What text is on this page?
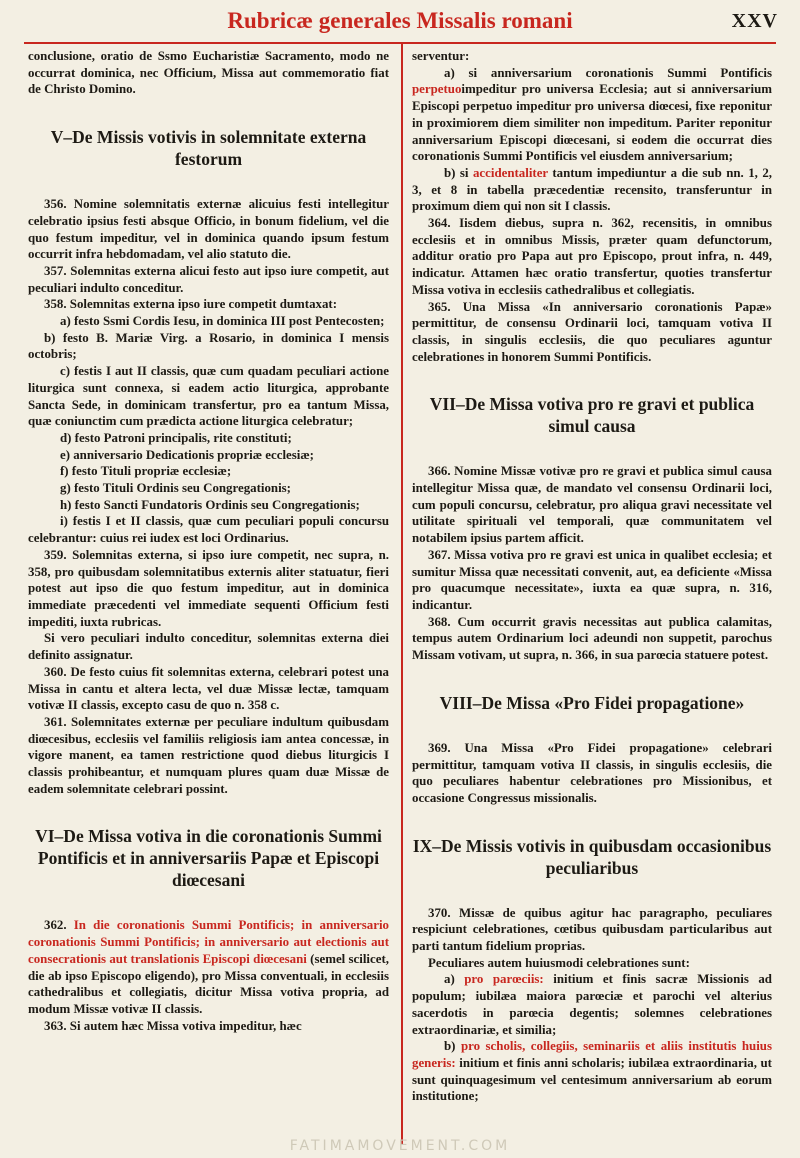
Rubricæ generales Missalis romani	XXV

conclusione, oratio de Ssmo Eucharistiæ Sacramento, modo ne occurrat dominica, nec Officium, Missa aut commemoratio fiat de Christo Domino.

V–De Missis votivis in solemnitate externa festorum

356. Nomine solemnitatis externæ alicuius festi intellegitur celebratio ipsius festi absque Officio, in bonum fidelium, vel die quo festum impeditur, vel in dominica quando ipsum festum occurrit infra hebdomadam, vel alio statuto die.

357. Solemnitas externa alicui festo aut ipso iure competit, aut peculiari indulto conceditur.

358. Solemnitas externa ipso iure competit dumtaxat:

a) festo Ssmi Cordis Iesu, in dominica III post Pentecosten;

b) festo B. Mariæ Virg. a Rosario, in dominica I mensis octobris;

c) festis I aut II classis, quæ cum quadam peculiari actione liturgica sunt connexa, si eadem actio liturgica, approbante Sancta Sede, in dominicam transfertur, pro ea tantum Missa, quæ coniunctim cum prædicta actione liturgica celebratur;

d) festo Patroni principalis, rite constituti;

e) anniversario Dedicationis propriæ ecclesiæ;

f) festo Tituli propriæ ecclesiæ;

g) festo Tituli Ordinis seu Congregationis;

h) festo Sancti Fundatoris Ordinis seu Congregationis;

i) festis I et II classis, quæ cum peculiari populi concursu celebrantur: cuius rei iudex est loci Ordinarius.

359. Solemnitas externa, si ipso iure competit, nec supra, n. 358, pro quibusdam solemnitatibus externis aliter statuatur, fieri potest aut ipso die quo festum impeditur, aut in dominica immediate præcedenti vel immediate sequenti Officium festi impediti, iuxta rubricas.

Si vero peculiari indulto conceditur, solemnitas externa diei definito assignatur.

360. De festo cuius fit solemnitas externa, celebrari potest una Missa in cantu et altera lecta, vel duæ Missæ lectæ, tamquam votivæ II classis, excepto casu de quo n. 358 c.

361. Solemnitates externæ per peculiare indultum quibusdam diœcesibus, ecclesiis vel familiis religiosis iam antea concessæ, in vigore manent, ea tamen restrictione quod diebus liturgicis I classis prohibeantur, et numquam plures quam duæ Missæ de eadem solemnitate celebrari possint.

VI–De Missa votiva in die coronationis Summi Pontificis et in anniversariis Papæ et Episcopi diœcesani

362. In die coronationis Summi Pontificis; in anniversario coronationis Summi Pontificis; in anniversario aut electionis aut consecrationis aut translationis Episcopi diœcesani (semel scilicet, die ab ipso Episcopo eligendo), pro Missa conventuali, in ecclesiis cathedralibus et collegiatis, dicitur Missa votiva propria, ad modum Missæ votivæ II classis.

363. Si autem hæc Missa votiva impeditur, hæc

serventur:

a) si anniversarium coronationis Summi Pontificis perpetuoimpeditur pro universa Ecclesia; aut si anniversarium Episcopi perpetuo impeditur pro universa diœcesi, fixe reponitur in proximiorem diem similiter non impeditum. Pariter reponitur anniversarium Episcopi diœcesani, si eodem die occurrat dies coronationis Summi Pontificis vel eiusdem anniversarium;

b) si accidentaliter tantum impediuntur a die sub nn. 1, 2, 3, et 8 in tabella præcedentiæ recensito, transferuntur in proximum diem qui non sit I classis.

364. Iisdem diebus, supra n. 362, recensitis, in omnibus ecclesiis et in omnibus Missis, præter quam defunctorum, additur oratio pro Papa aut pro Episcopo, prout infra, n. 449, indicatur. Attamen hæc oratio transfertur, quoties transfertur Missa votiva in ecclesiis cathedralibus et collegiatis.

365. Una Missa «In anniversario coronationis Papæ» permittitur, de consensu Ordinarii loci, tamquam votiva II classis, in singulis ecclesiis, die quo peculiares aguntur celebrationes in honorem Summi Pontificis.

VII–De Missa votiva pro re gravi et publica simul causa

366. Nomine Missæ votivæ pro re gravi et publica simul causa intellegitur Missa quæ, de mandato vel consensu Ordinarii loci, cum populi concursu, celebratur, pro aliqua gravi necessitate vel utilitate spirituali vel temporali, quæ communitatem vel notabilem ipsius partem afficit.

367. Missa votiva pro re gravi est unica in qualibet ecclesia; et sumitur Missa quæ necessitati convenit, aut, ea deficiente «Missa pro quacumque necessitate», iuxta ea quæ supra, n. 316, indicantur.

368. Cum occurrit gravis necessitas aut publica calamitas, tempus autem Ordinarium loci adeundi non suppetit, parochus Missam votivam, ut supra, n. 366, in sua parœcia statuere potest.

VIII–De Missa «Pro Fidei propagatione»

369. Una Missa «Pro Fidei propagatione» celebrari permittitur, tamquam votiva II classis, in singulis ecclesiis, die quo peculiares habentur celebrationes pro Missionibus, et occasione Congressus missionalis.

IX–De Missis votivis in quibusdam occasionibus peculiaribus

370. Missæ de quibus agitur hac paragrapho, peculiares respiciunt celebrationes, cœtibus quibusdam particularibus aut parti tantum fidelium proprias.

Peculiares autem huiusmodi celebrationes sunt:

a) pro parœciis: initium et finis sacræ Missionis ad populum; iubilæa maiora parœciæ et parochi vel alterius sacerdotis in parœcia degentis; solemnes celebrationes extraordinariæ, et similia;

b) pro scholis, collegiis, seminariis et aliis institutis huius generis: initium et finis anni scholaris; iubilæa extraordinaria, ut sunt quinquagesimum vel centesimum anniversarium ab eorum institutione;

FATIMAMOVEMENT.COM
